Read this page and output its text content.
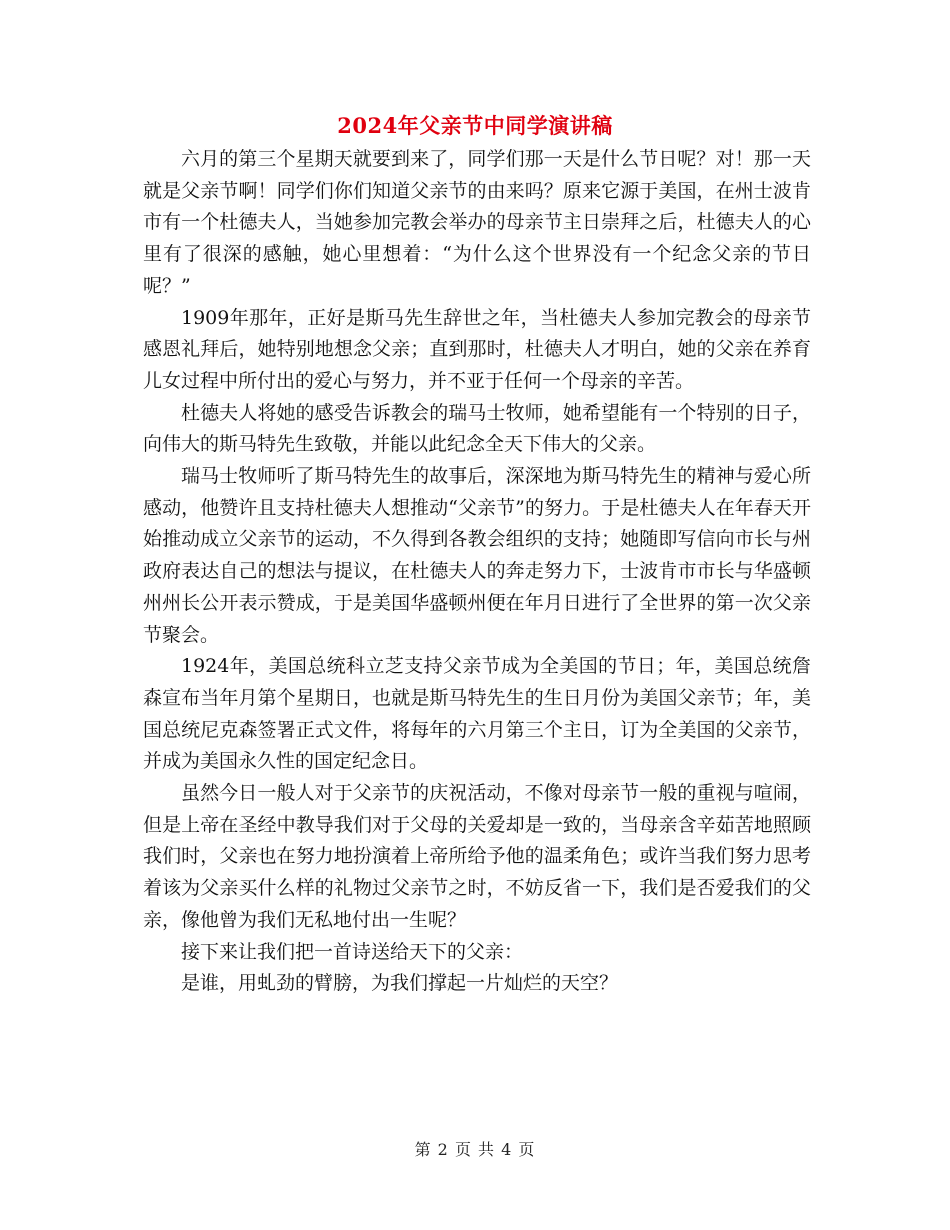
2024年父亲节中同学演讲稿

六月的第三个星期天就要到来了，同学们那一天是什么节日呢？对！那一天就是父亲节啊！同学们你们知道父亲节的由来吗？原来它源于美国，在州士波肯市有一个杜德夫人，当她参加完教会举办的母亲节主日崇拜之后，杜德夫人的心里有了很深的感触，她心里想着：“为什么这个世界没有一个纪念父亲的节日呢？”

1909年那年，正好是斯马先生辞世之年，当杜德夫人参加完教会的母亲节感恩礼拜后，她特别地想念父亲；直到那时，杜德夫人才明白，她的父亲在养育儿女过程中所付出的爱心与努力，并不亚于任何一个母亲的辛苦。

杜德夫人将她的感受告诉教会的瑞马士牧师，她希望能有一个特别的日子，向伟大的斯马特先生致敬，并能以此纪念全天下伟大的父亲。

瑞马士牧师听了斯马特先生的故事后，深深地为斯马特先生的精神与爱心所感动，他赞许且支持杜德夫人想推动“父亲节”的努力。于是杜德夫人在年春天开始推动成立父亲节的运动，不久得到各教会组织的支持；她随即写信向市长与州政府表达自己的想法与提议，在杜德夫人的奔走努力下，士波肯市市长与华盛顿州州长公开表示赞成，于是美国华盛顿州便在年月日进行了全世界的第一次父亲节聚会。

1924年，美国总统科立芝支持父亲节成为全美国的节日；年，美国总统詹森宣布当年月第个星期日，也就是斯马特先生的生日月份为美国父亲节；年，美国总统尼克森签署正式文件，将每年的六月第三个主日，订为全美国的父亲节，并成为美国永久性的国定纪念日。

虽然今日一般人对于父亲节的庆祝活动，不像对母亲节一般的重视与喧闹，但是上帝在圣经中教导我们对于父母的关爱却是一致的，当母亲含辛茹苦地照顾我们时，父亲也在努力地扮演着上帝所给予他的温柔角色；或许当我们努力思考着该为父亲买什么样的礼物过父亲节之时，不妨反省一下，我们是否爱我们的父亲，像他曾为我们无私地付出一生呢？

接下来让我们把一首诗送给天下的父亲：

是谁，用虬劲的臂膀，为我们撑起一片灿烂的天空？

第 2 页 共 4 页
